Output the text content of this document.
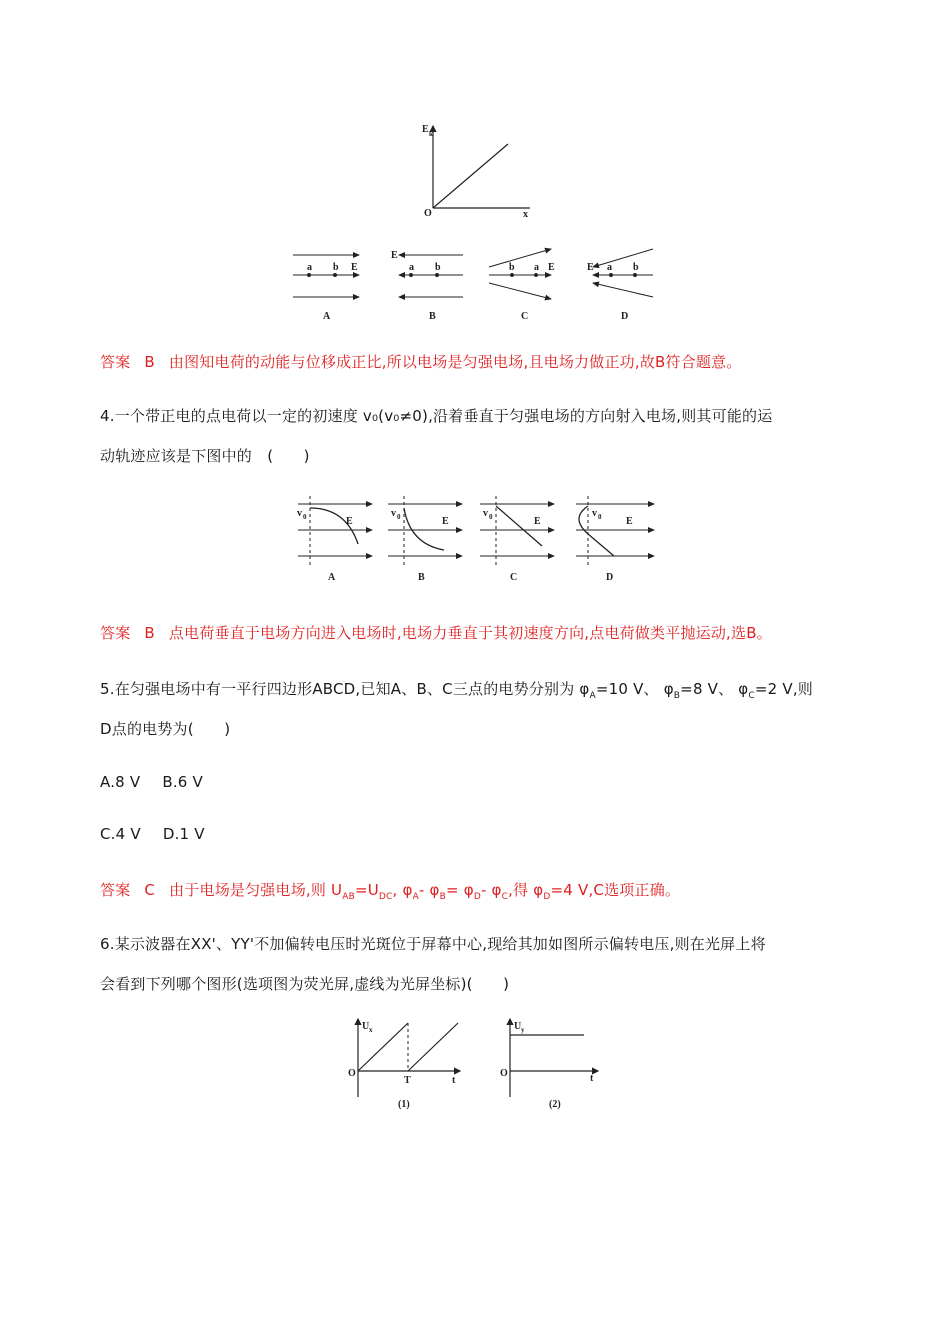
E k
O	x
a b E
A
a b
E
B
a
b	E
C
a b
E
D
答案 B 由图知电荷的动能与位移成正比,所以电场是匀强电场,且电场力做正功,故B符合题意。
4.一个带正电的点电荷以一定的初速度 v₀(v₀≠0),沿着垂直于匀强电场的方向射入电场,则其可能的运
动轨迹应该是下图中的　(　　)
v 0	E
A
v 0	E
B
v 0	E
C
v 0 E
D
答案 B 点电荷垂直于电场方向进入电场时,电场力垂直于其初速度方向,点电荷做类平抛运动,选B。
5.在匀强电场中有一平行四边形ABCD,已知A、B、C三点的电势分别为 $\varphi_A=10$ V、 $\varphi_B=8$ V、 $\varphi_C=2$ V,则
D点的电势为(　　)
A.8 V B.6 V
C.4 V D.1 V
答案 C 由于电场是匀强电场,则 $U_{AB}=U_{DC}$, $\varphi_A-$ $\varphi_B= \varphi_D-$ $\varphi_C$,得 $\varphi_D=4$ V,C选项正确。
6.某示波器在XX'、YY'不加偏转电压时光斑位于屏幕中心,现给其加如图所示偏转电压,则在光屏上将
会看到下列哪个图形(选项图为荧光屏,虚线为光屏坐标)(　　)
U x
O
T	t
(1)
U y
O	t
(2)
